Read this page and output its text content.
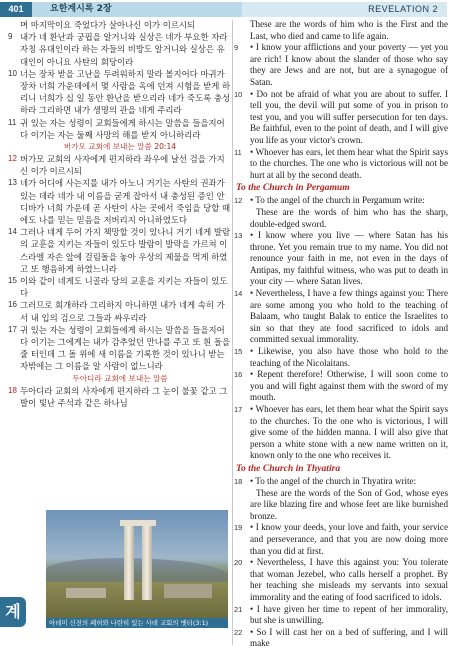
401	요한계시록 2장	REVELATION 2
며 마지막이요 죽었다가 살아나신 이가 이르시되
9 내가 네 환난과 궁핍을 알거니와 실상은 네가 부요한 자라 자칭 유대인이라 하는 자들의 비방도 알거니와 실상은 유대인이 아니요 사탄의 회당이라
10 너는 장차 받을 고난을 두려워하지 말라 볼지어다 마귀가 장차 너희 가운데에서 몇 사람을 옥에 던져 시험을 받게 하리니 너희가 십 일 동안 환난을 받으리라 네가 죽도록 충성하라 그리하면 내가 생명의 관을 네게 주리라
11 귀 있는 자는 성령이 교회들에게 하시는 말씀을 들을지어다 이기는 자는 둘째 사망의 해를 받지 아니하리라
버가모 교회에 보내는 말씀 20:14
12 버가모 교회의 사자에게 편지하라 좌우에 날선 검을 가지신 이가 이르시되
13 네가 어디에 사는지를 내가 아노니 거기는 사탄의 권좌가 있는 데라 네가 내 이름을 굳게 잡아서 내 충성된 증인 안디바가 너희 가운데 곧 사탄이 사는 곳에서 죽임을 당할 때에도 나를 믿는 믿음을 저버리지 아니하였도다
14 그러나 네게 두어 가지 책망할 것이 있나니 거기 네게 발람의 교훈을 지키는 자들이 있도다 발람이 발락을 가르쳐 이스라엘 자손 앞에 걸림돌을 놓아 우상의 제물을 먹게 하였고 또 행음하게 하였느니라
15 이와 같이 네게도 니골라 당의 교훈을 지키는 자들이 있도다
16 그러므로 회개하라 그리하지 아니하면 내가 네게 속히 가서 내 입의 검으로 그들과 싸우리라
17 귀 있는 자는 성령이 교회들에게 하시는 말씀을 들을지어다 이기는 그에게는 내가 감추었던 만나를 주고 또 흰 돌을 줄 터인데 그 돌 위에 새 이름을 기록한 것이 있나니 받는 자밖에는 그 이름을 알 사람이 없느니라
두아디라 교회에 보내는 말씀
18 두아디라 교회의 사자에게 편지하라 그 눈이 불꽃 같고 그 발이 빛난 주석과 같은 하나님
아데미 신전의 폐허와 나란히 있는 사데 교회의 옛터(3:1)
계
These are the words of him who is the First and the Last, who died and came to life again.
9 • I know your afflictions and your poverty — yet you are rich! I know about the slander of those who say they are Jews and are not, but are a synagogue of Satan.
10 • Do not be afraid of what you are about to suffer. I tell you, the devil will put some of you in prison to test you, and you will suffer persecution for ten days. Be faithful, even to the point of death, and I will give you life as your victor's crown.
11 • Whoever has ears, let them hear what the Spirit says to the churches. The one who is victorious will not be hurt at all by the second death.
To the Church in Pergamum
12 • To the angel of the church in Pergamum write:
These are the words of him who has the sharp, double-edged sword.
13 • I know where you live — where Satan has his throne. Yet you remain true to my name. You did not renounce your faith in me, not even in the days of Antipas, my faithful witness, who was put to death in your city — where Satan lives.
14 • Nevertheless, I have a few things against you: There are some among you who hold to the teaching of Balaam, who taught Balak to entice the Israelites to sin so that they ate food sacrificed to idols and committed sexual immorality.
15 • Likewise, you also have those who hold to the teaching of the Nicolaitans.
16 • Repent therefore! Otherwise, I will soon come to you and will fight against them with the sword of my mouth.
17 • Whoever has ears, let them hear what the Spirit says to the churches. To the one who is victorious, I will give some of the hidden manna. I will also give that person a white stone with a new name written on it, known only to the one who receives it.
To the Church in Thyatira
18 • To the angel of the church in Thyatira write:
These are the words of the Son of God, whose eyes are like blazing fire and whose feet are like burnished bronze.
19 • I know your deeds, your love and faith, your service and perseverance, and that you are now doing more than you did at first.
20 • Nevertheless, I have this against you: You tolerate that woman Jezebel, who calls herself a prophet. By her teaching she misleads my servants into sexual immorality and the eating of food sacrificed to idols.
21 • I have given her time to repent of her immorality, but she is unwilling.
22 • So I will cast her on a bed of suffering, and I will make
